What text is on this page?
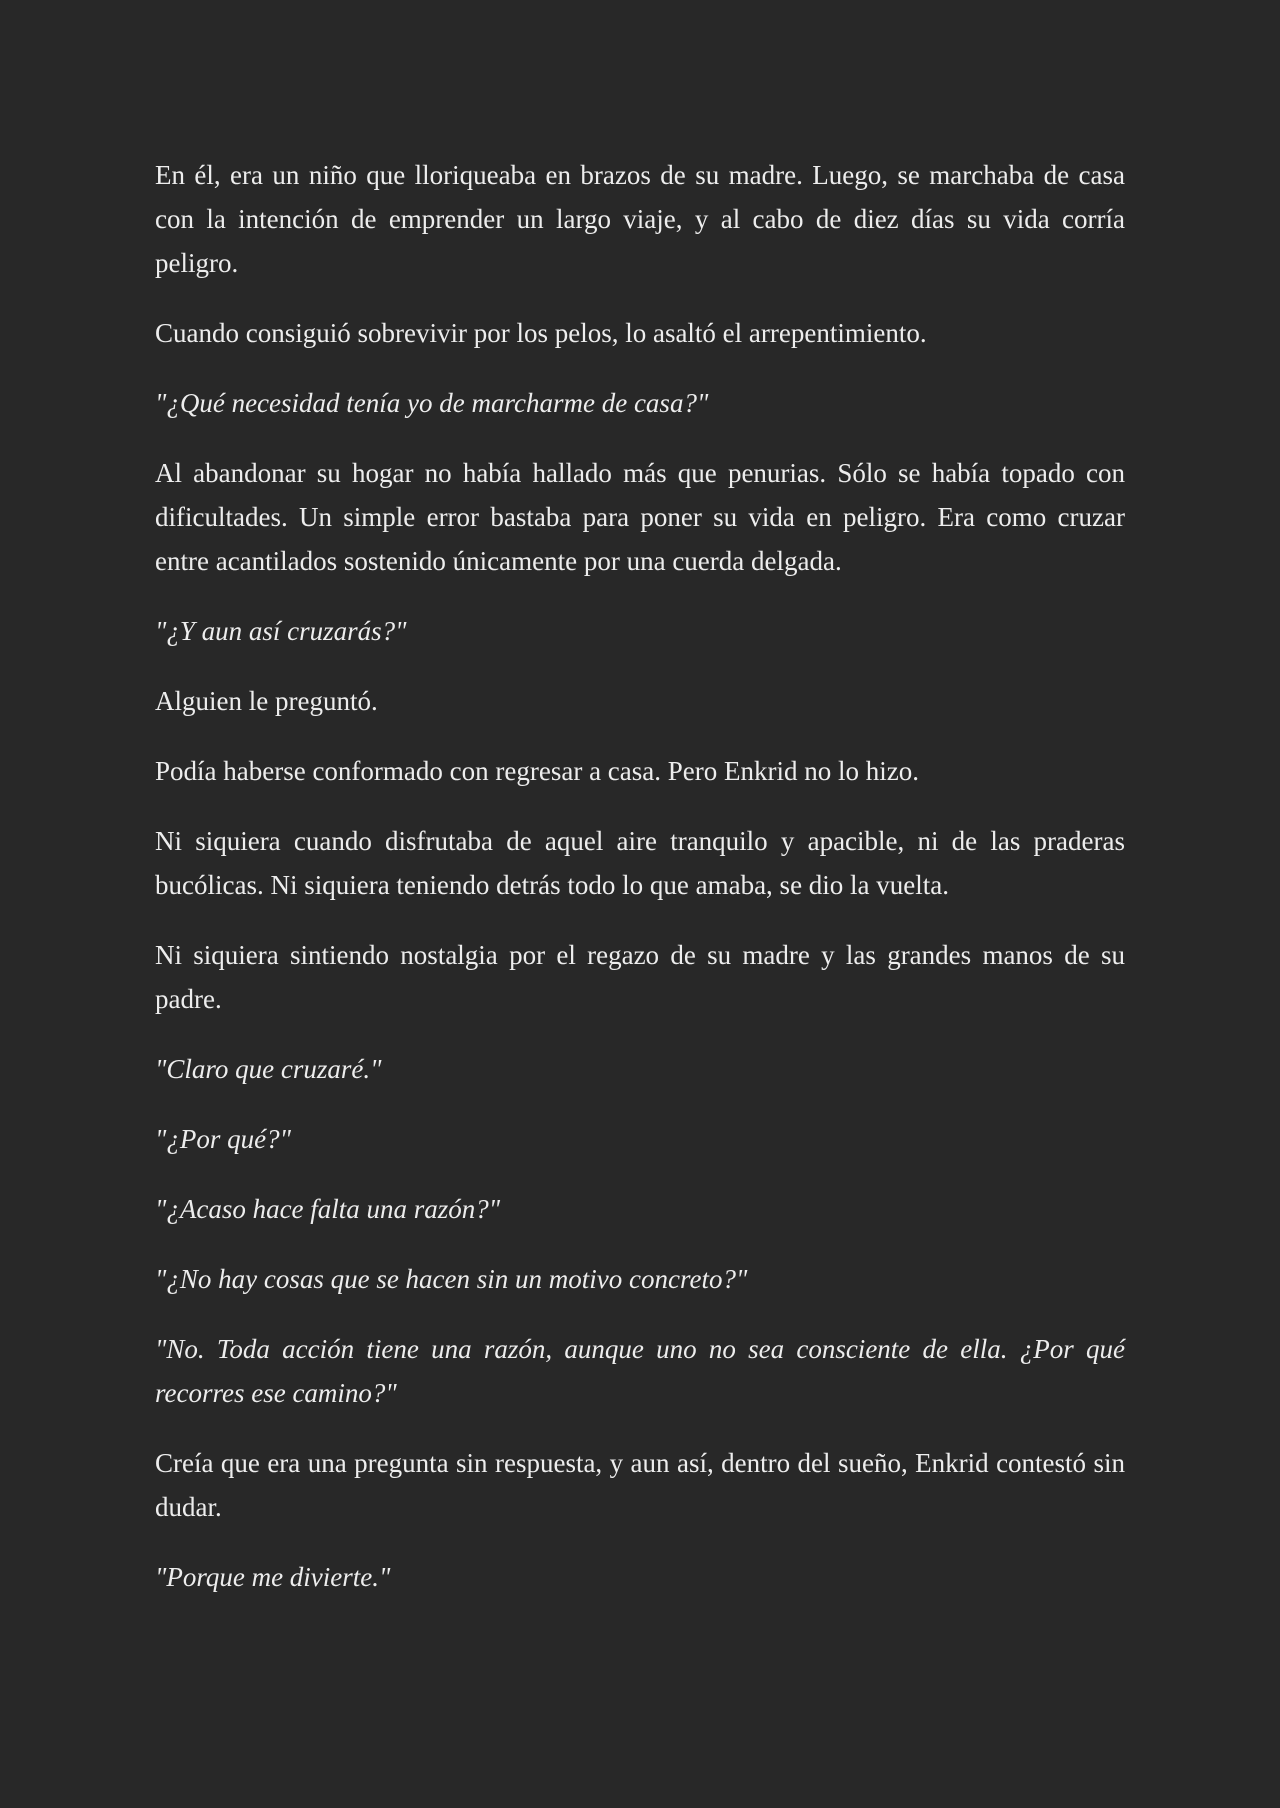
En él, era un niño que lloriqueaba en brazos de su madre. Luego, se marchaba de casa con la intención de emprender un largo viaje, y al cabo de diez días su vida corría peligro.

Cuando consiguió sobrevivir por los pelos, lo asaltó el arrepentimiento.

"¿Qué necesidad tenía yo de marcharme de casa?"

Al abandonar su hogar no había hallado más que penurias. Sólo se había topado con dificultades. Un simple error bastaba para poner su vida en peligro. Era como cruzar entre acantilados sostenido únicamente por una cuerda delgada.

"¿Y aun así cruzarás?"

Alguien le preguntó.

Podía haberse conformado con regresar a casa. Pero Enkrid no lo hizo.

Ni siquiera cuando disfrutaba de aquel aire tranquilo y apacible, ni de las praderas bucólicas. Ni siquiera teniendo detrás todo lo que amaba, se dio la vuelta.

Ni siquiera sintiendo nostalgia por el regazo de su madre y las grandes manos de su padre.

"Claro que cruzaré."

"¿Por qué?"

"¿Acaso hace falta una razón?"

"¿No hay cosas que se hacen sin un motivo concreto?"

"No. Toda acción tiene una razón, aunque uno no sea consciente de ella. ¿Por qué recorres ese camino?"

Creía que era una pregunta sin respuesta, y aun así, dentro del sueño, Enkrid contestó sin dudar.

"Porque me divierte."
